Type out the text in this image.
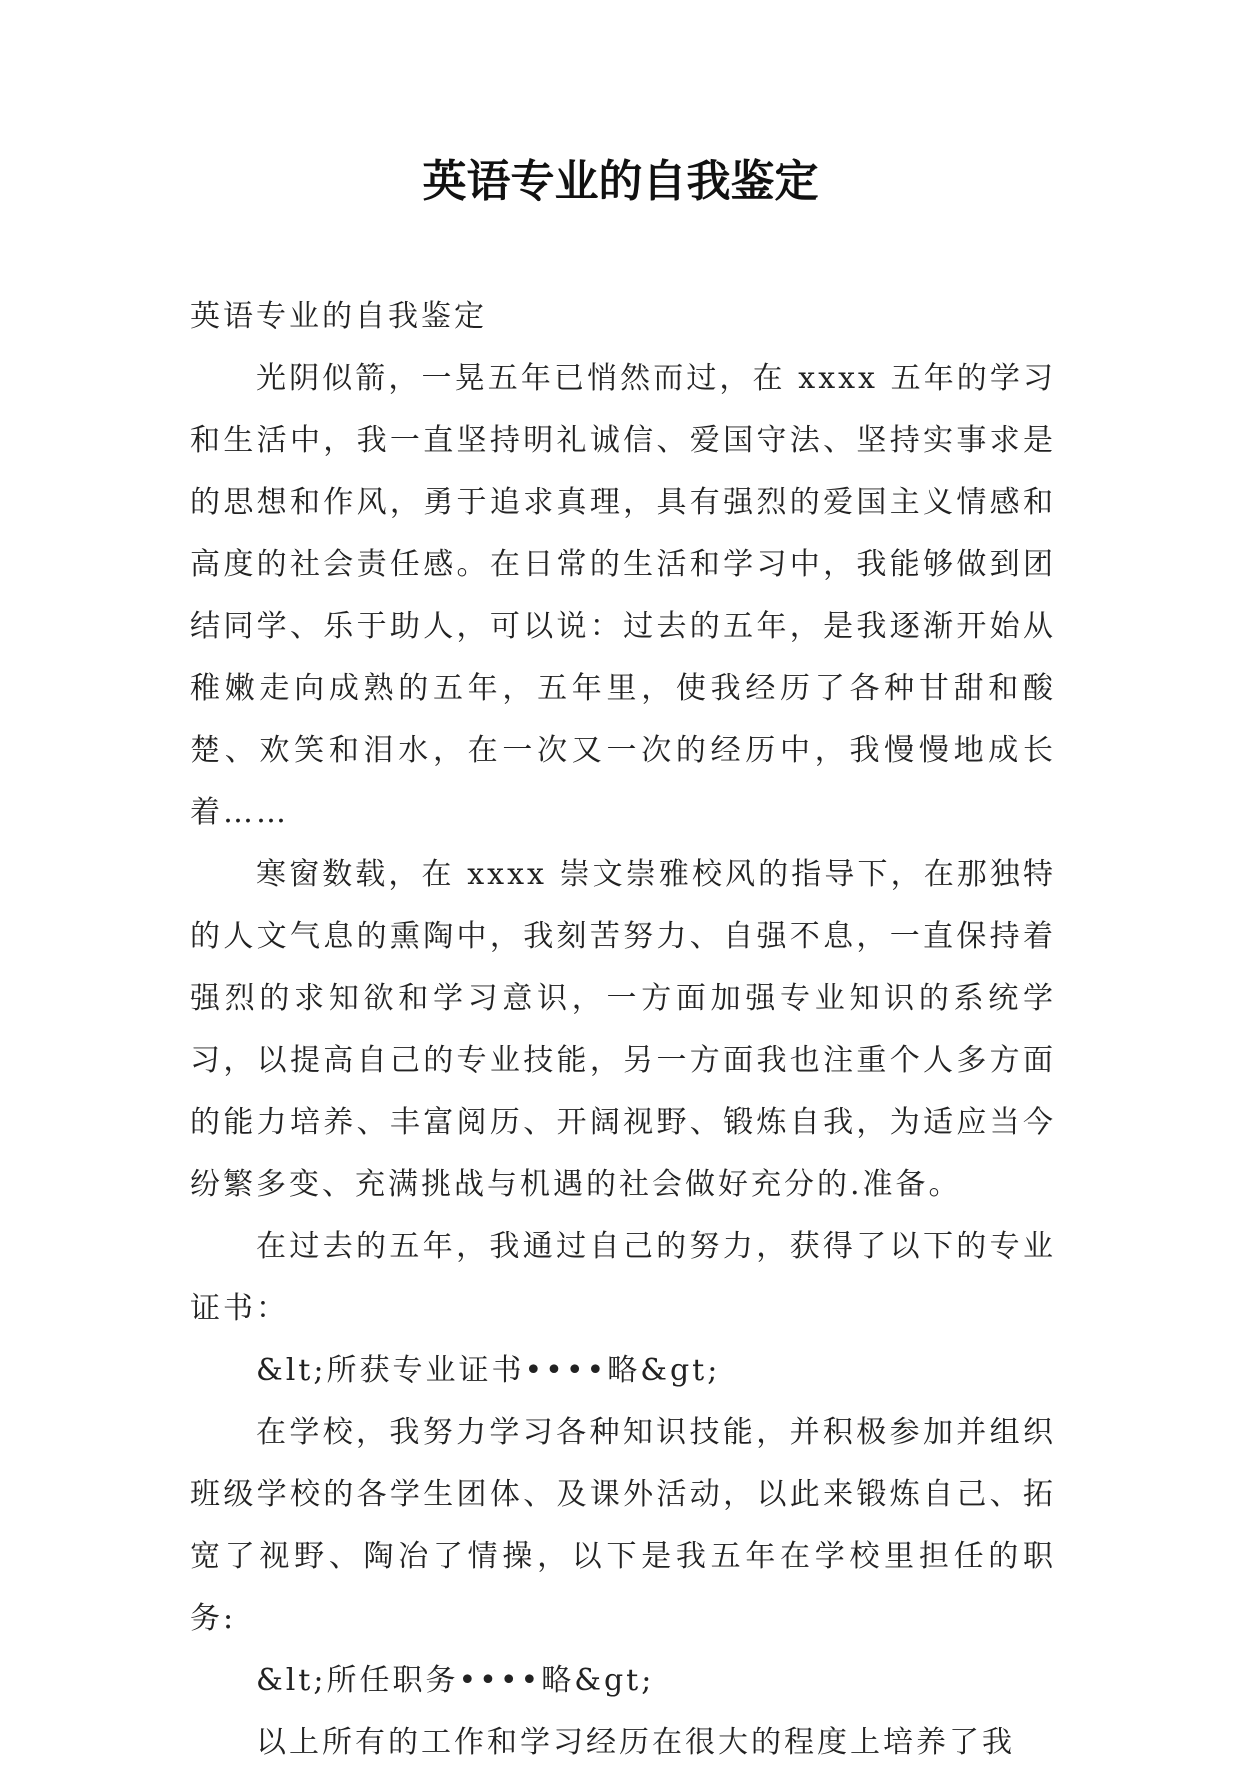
英语专业的自我鉴定

英语专业的自我鉴定

光阴似箭，一晃五年已悄然而过，在 xxxx 五年的学习和生活中，我一直坚持明礼诚信、爱国守法、坚持实事求是的思想和作风，勇于追求真理，具有强烈的爱国主义情感和高度的社会责任感。在日常的生活和学习中，我能够做到团结同学、乐于助人，可以说：过去的五年，是我逐渐开始从稚嫩走向成熟的五年，五年里，使我经历了各种甘甜和酸楚、欢笑和泪水，在一次又一次的经历中，我慢慢地成长着……

寒窗数载，在 xxxx 崇文崇雅校风的指导下，在那独特的人文气息的熏陶中，我刻苦努力、自强不息，一直保持着强烈的求知欲和学习意识，一方面加强专业知识的系统学习，以提高自己的专业技能，另一方面我也注重个人多方面的能力培养、丰富阅历、开阔视野、锻炼自我，为适应当今纷繁多变、充满挑战与机遇的社会做好充分的.准备。

在过去的五年，我通过自己的努力，获得了以下的专业证书：

&lt;所获专业证书••••略&gt;

在学校，我努力学习各种知识技能，并积极参加并组织班级学校的各学生团体、及课外活动，以此来锻炼自己、拓宽了视野、陶冶了情操，以下是我五年在学校里担任的职务:

&lt;所任职务••••略&gt;

以上所有的工作和学习经历在很大的程度上培养了我
